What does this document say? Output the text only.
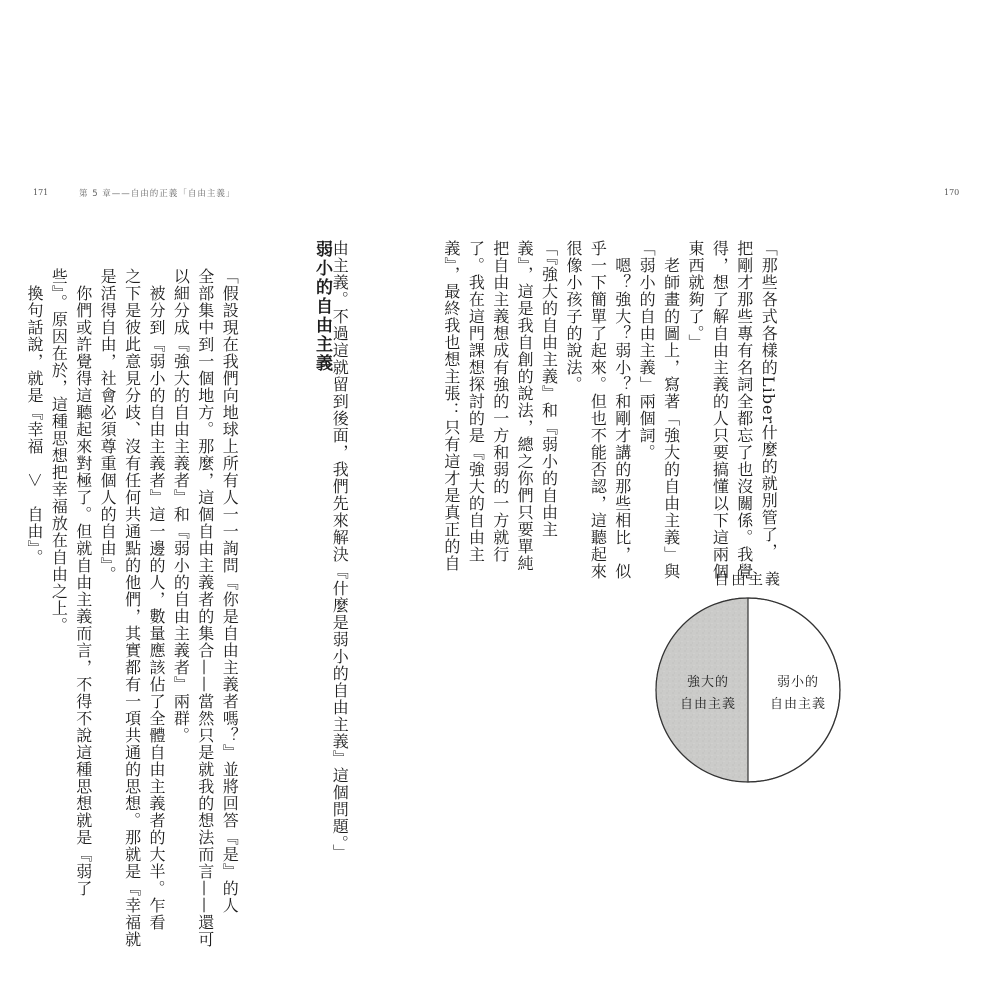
171	第 5 章——自由的正義「自由主義」	170

「那些各式各樣的Liber什麼的就別管了，
把剛才那些專有名詞全都忘了也沒關係。我覺
得，想了解自由主義的人只要搞懂以下這兩個
東西就夠了。」
　老師畫的圖上，寫著「強大的自由主義」與
「弱小的自由主義」兩個詞。
　嗯？強大？弱小？和剛才講的那些相比，似
乎一下簡單了起來。但也不能否認，這聽起來
很像小孩子的說法。
「『強大的自由主義』和『弱小的自由主
義』，這是我自創的說法，總之你們只要單純
把自由主義想成有強的一方和弱的一方就行
了。我在這門課想探討的是『強大的自由主
義』，最終我也想主張：只有這才是真正的自

自由主義
強大的
自由主義
弱小的
自由主義

由主義。不過這就留到後面，我們先來解決『什麼是弱小的自由主義』這個問題。」

弱小的自由主義

「假設現在我們向地球上所有人一一詢問『你是自由主義者嗎？』並將回答『是』的人
全部集中到一個地方。那麼，這個自由主義者的集合——當然只是就我的想法而言——還可
以細分成『強大的自由主義者』和『弱小的自由主義者』兩群。
　被分到『弱小的自由主義者』這一邊的人，數量應該佔了全體自由主義者的大半。乍看
之下是彼此意見分歧、沒有任何共通點的他們，其實都有一項共通的思想。那就是『幸福就
是活得自由，社會必須尊重個人的自由』。
　你們或許覺得這聽起來對極了。但就自由主義而言，不得不說這種思想就是『弱了
些』。原因在於，這種思想把幸福放在自由之上。
　換句話說，就是『幸福　＞　自由』。
